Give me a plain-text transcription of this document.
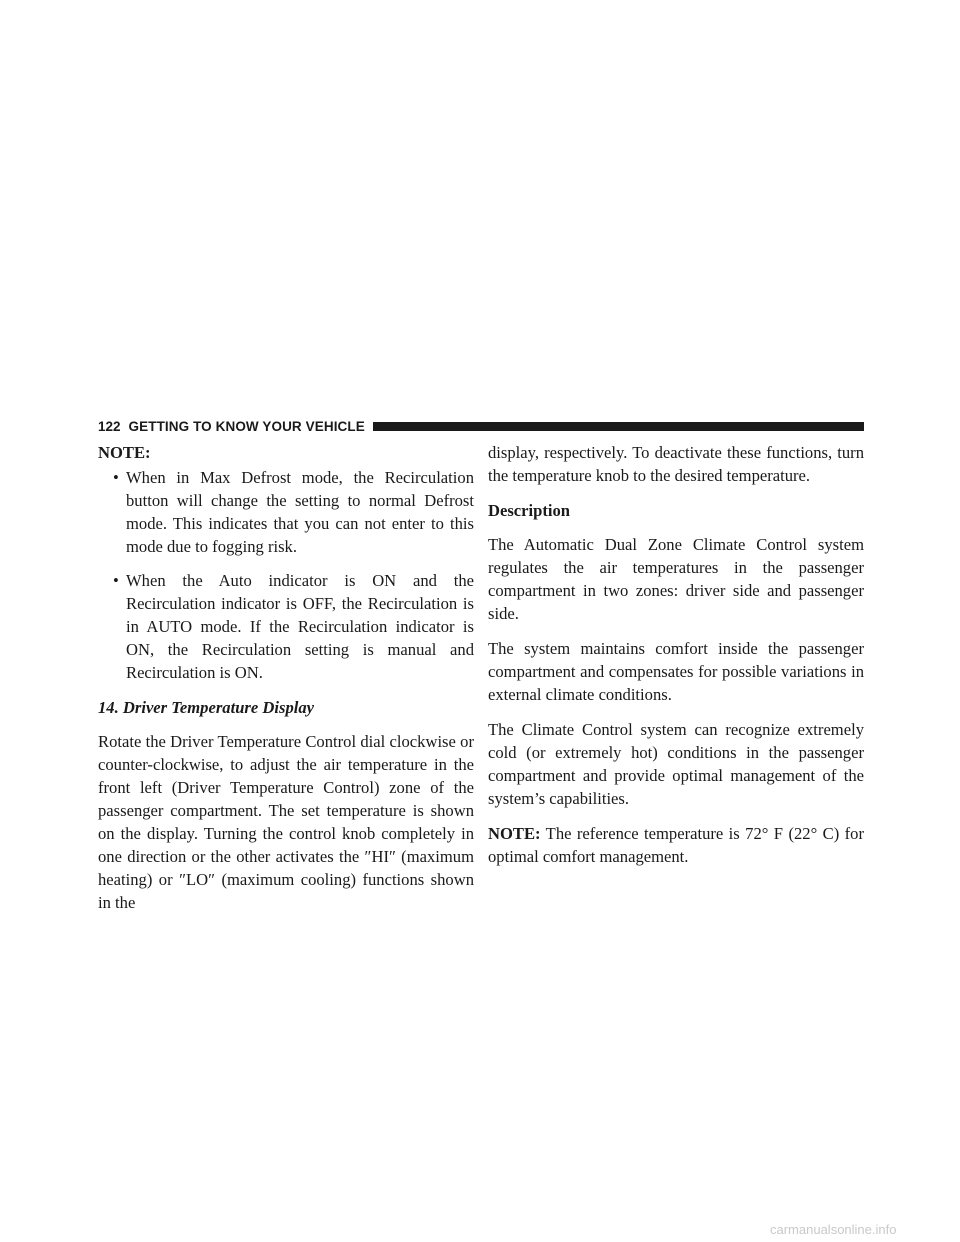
122 GETTING TO KNOW YOUR VEHICLE
NOTE:
• When in Max Defrost mode, the Recirculation button will change the setting to normal Defrost mode. This indicates that you can not enter to this mode due to fogging risk.
• When the Auto indicator is ON and the Recirculation indicator is OFF, the Recirculation is in AUTO mode. If the Recirculation indicator is ON, the Recirculation setting is manual and Recirculation is ON.
14. Driver Temperature Display

Rotate the Driver Temperature Control dial clockwise or counter-clockwise, to adjust the air temperature in the front left (Driver Temperature Control) zone of the passenger compartment. The set temperature is shown on the display. Turning the control knob completely in one direction or the other activates the ″HI″ (maximum heating) or ″LO″ (maximum cooling) functions shown in the

display, respectively. To deactivate these functions, turn the temperature knob to the desired temperature.

Description

The Automatic Dual Zone Climate Control system regulates the air temperatures in the passenger compartment in two zones: driver side and passenger side.

The system maintains comfort inside the passenger compartment and compensates for possible variations in external climate conditions.

The Climate Control system can recognize extremely cold (or extremely hot) conditions in the passenger compartment and provide optimal management of the system’s capabilities.

NOTE: The reference temperature is 72° F (22° C) for optimal comfort management.

carmanualsonline.info
